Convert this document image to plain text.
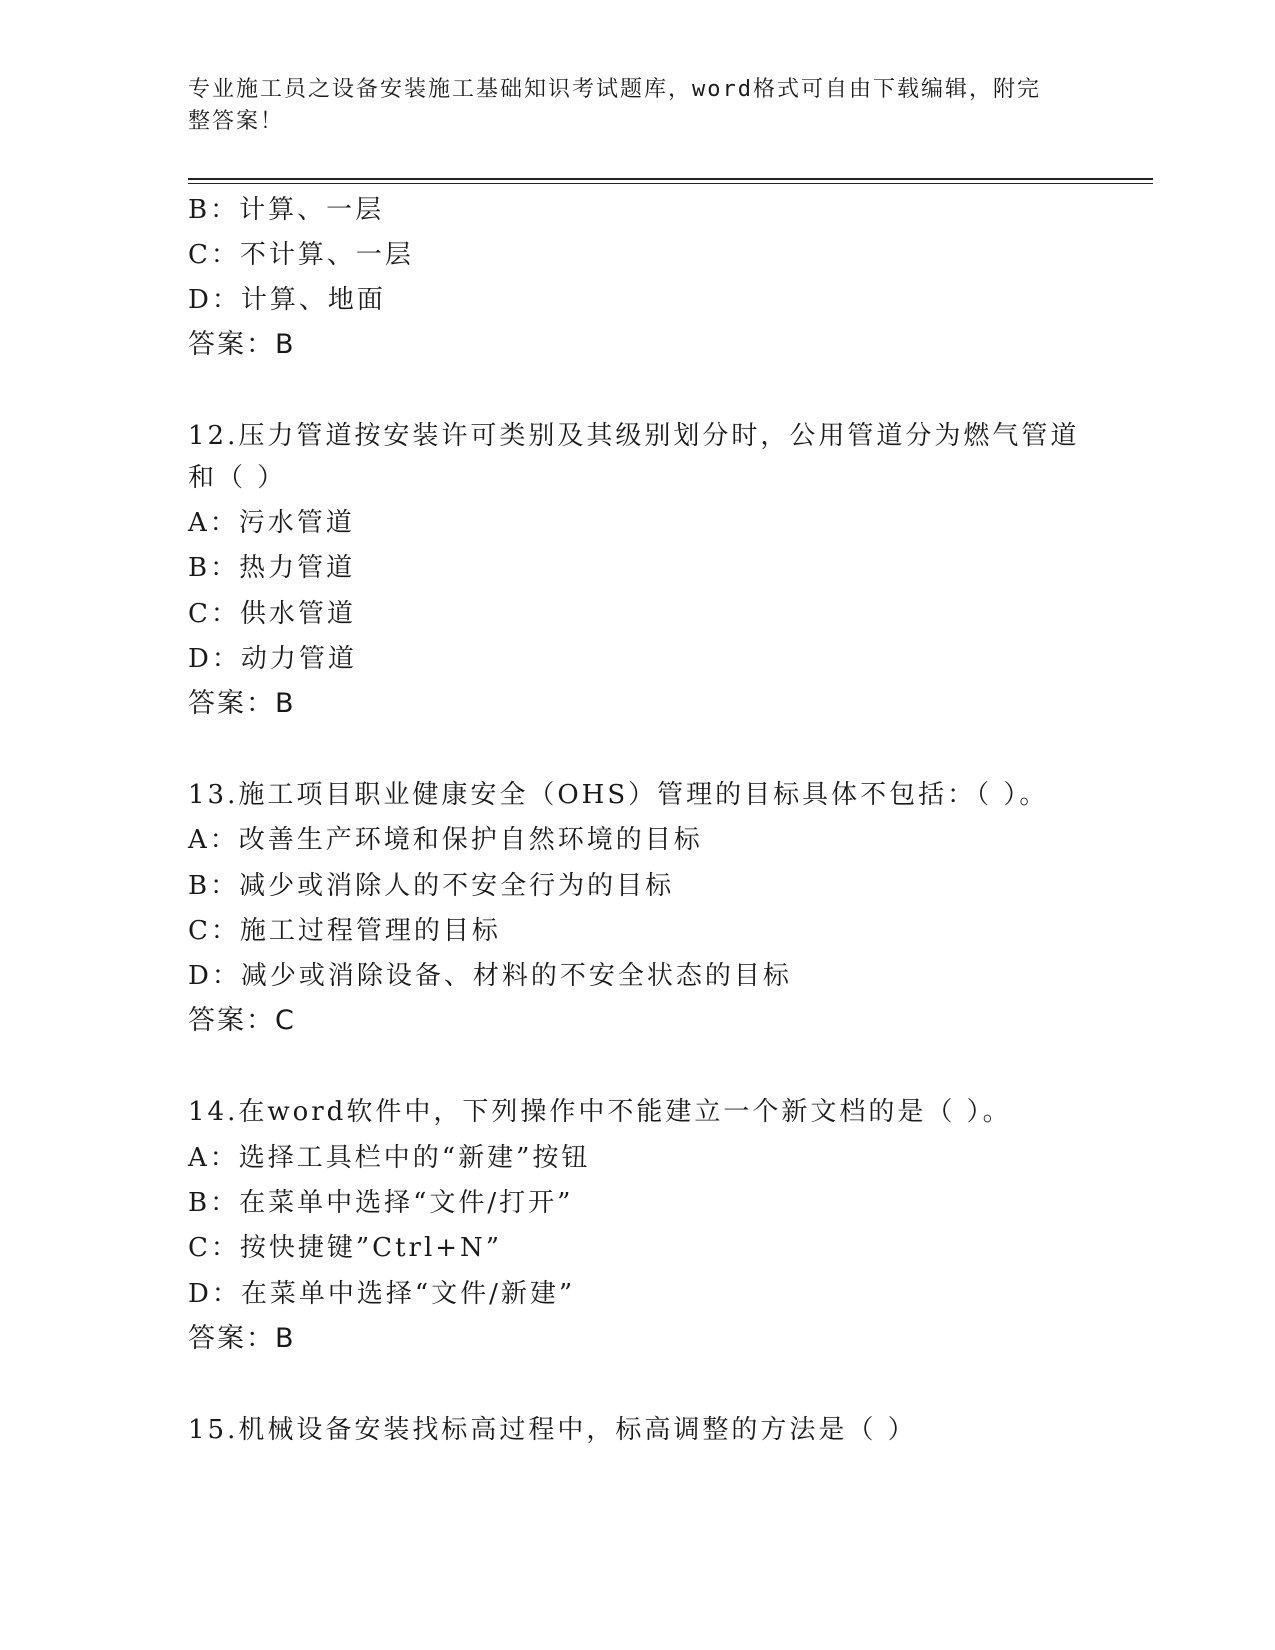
专业施工员之设备安装施工基础知识考试题库，word格式可自由下载编辑，附完
整答案！
B：计算、一层
C：不计算、一层
D：计算、地面
答案：B
12.压力管道按安装许可类别及其级别划分时，公用管道分为燃气管道
和（ ）
A：污水管道
B：热力管道
C：供水管道
D：动力管道
答案：B
13.施工项目职业健康安全（OHS）管理的目标具体不包括：（ ）。
A：改善生产环境和保护自然环境的目标
B：减少或消除人的不安全行为的目标
C：施工过程管理的目标
D：减少或消除设备、材料的不安全状态的目标
答案：C
14.在word软件中，下列操作中不能建立一个新文档的是（ ）。
A：选择工具栏中的“新建”按钮
B：在菜单中选择“文件/打开”
C：按快捷键”Ctrl+N”
D：在菜单中选择“文件/新建”
答案：B
15.机械设备安装找标高过程中，标高调整的方法是（ ）
